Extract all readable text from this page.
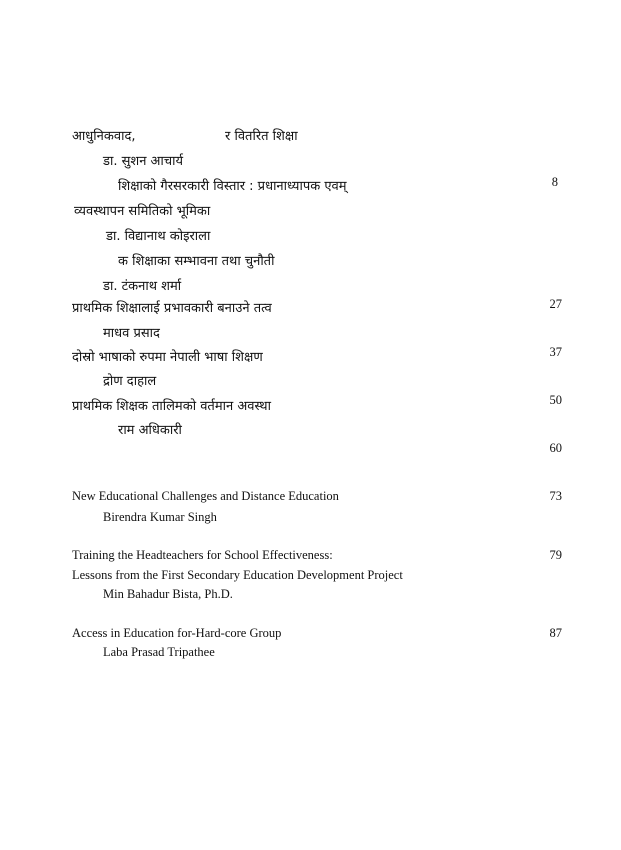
आधुनिकवाद,	र वितरित शिक्षा
डा. सुशन आचार्य
शिक्षाको गैरसरकारी विस्तार : प्रधानाध्यापक एवम्	8
व्यवस्थापन समितिको भूमिका
डा. विद्यानाथ कोइराला
क शिक्षाका सम्भावना तथा चुनौती
डा. टंकनाथ शर्मा
प्राथमिक शिक्षालाई प्रभावकारी बनाउने तत्व	27
माधव प्रसाद
दोस्रो भाषाको रुपमा नेपाली भाषा शिक्षण	37
द्रोण दाहाल
प्राथमिक शिक्षक तालिमको वर्तमान अवस्था	50
राम अधिकारी
60
New Educational Challenges and Distance Education	73
Birendra Kumar Singh
Training the Headteachers for School Effectiveness:	79
Lessons from the First Secondary Education Development Project
Min Bahadur Bista, Ph.D.
Access in Education for-Hard-core Group	87
Laba Prasad Tripathee
